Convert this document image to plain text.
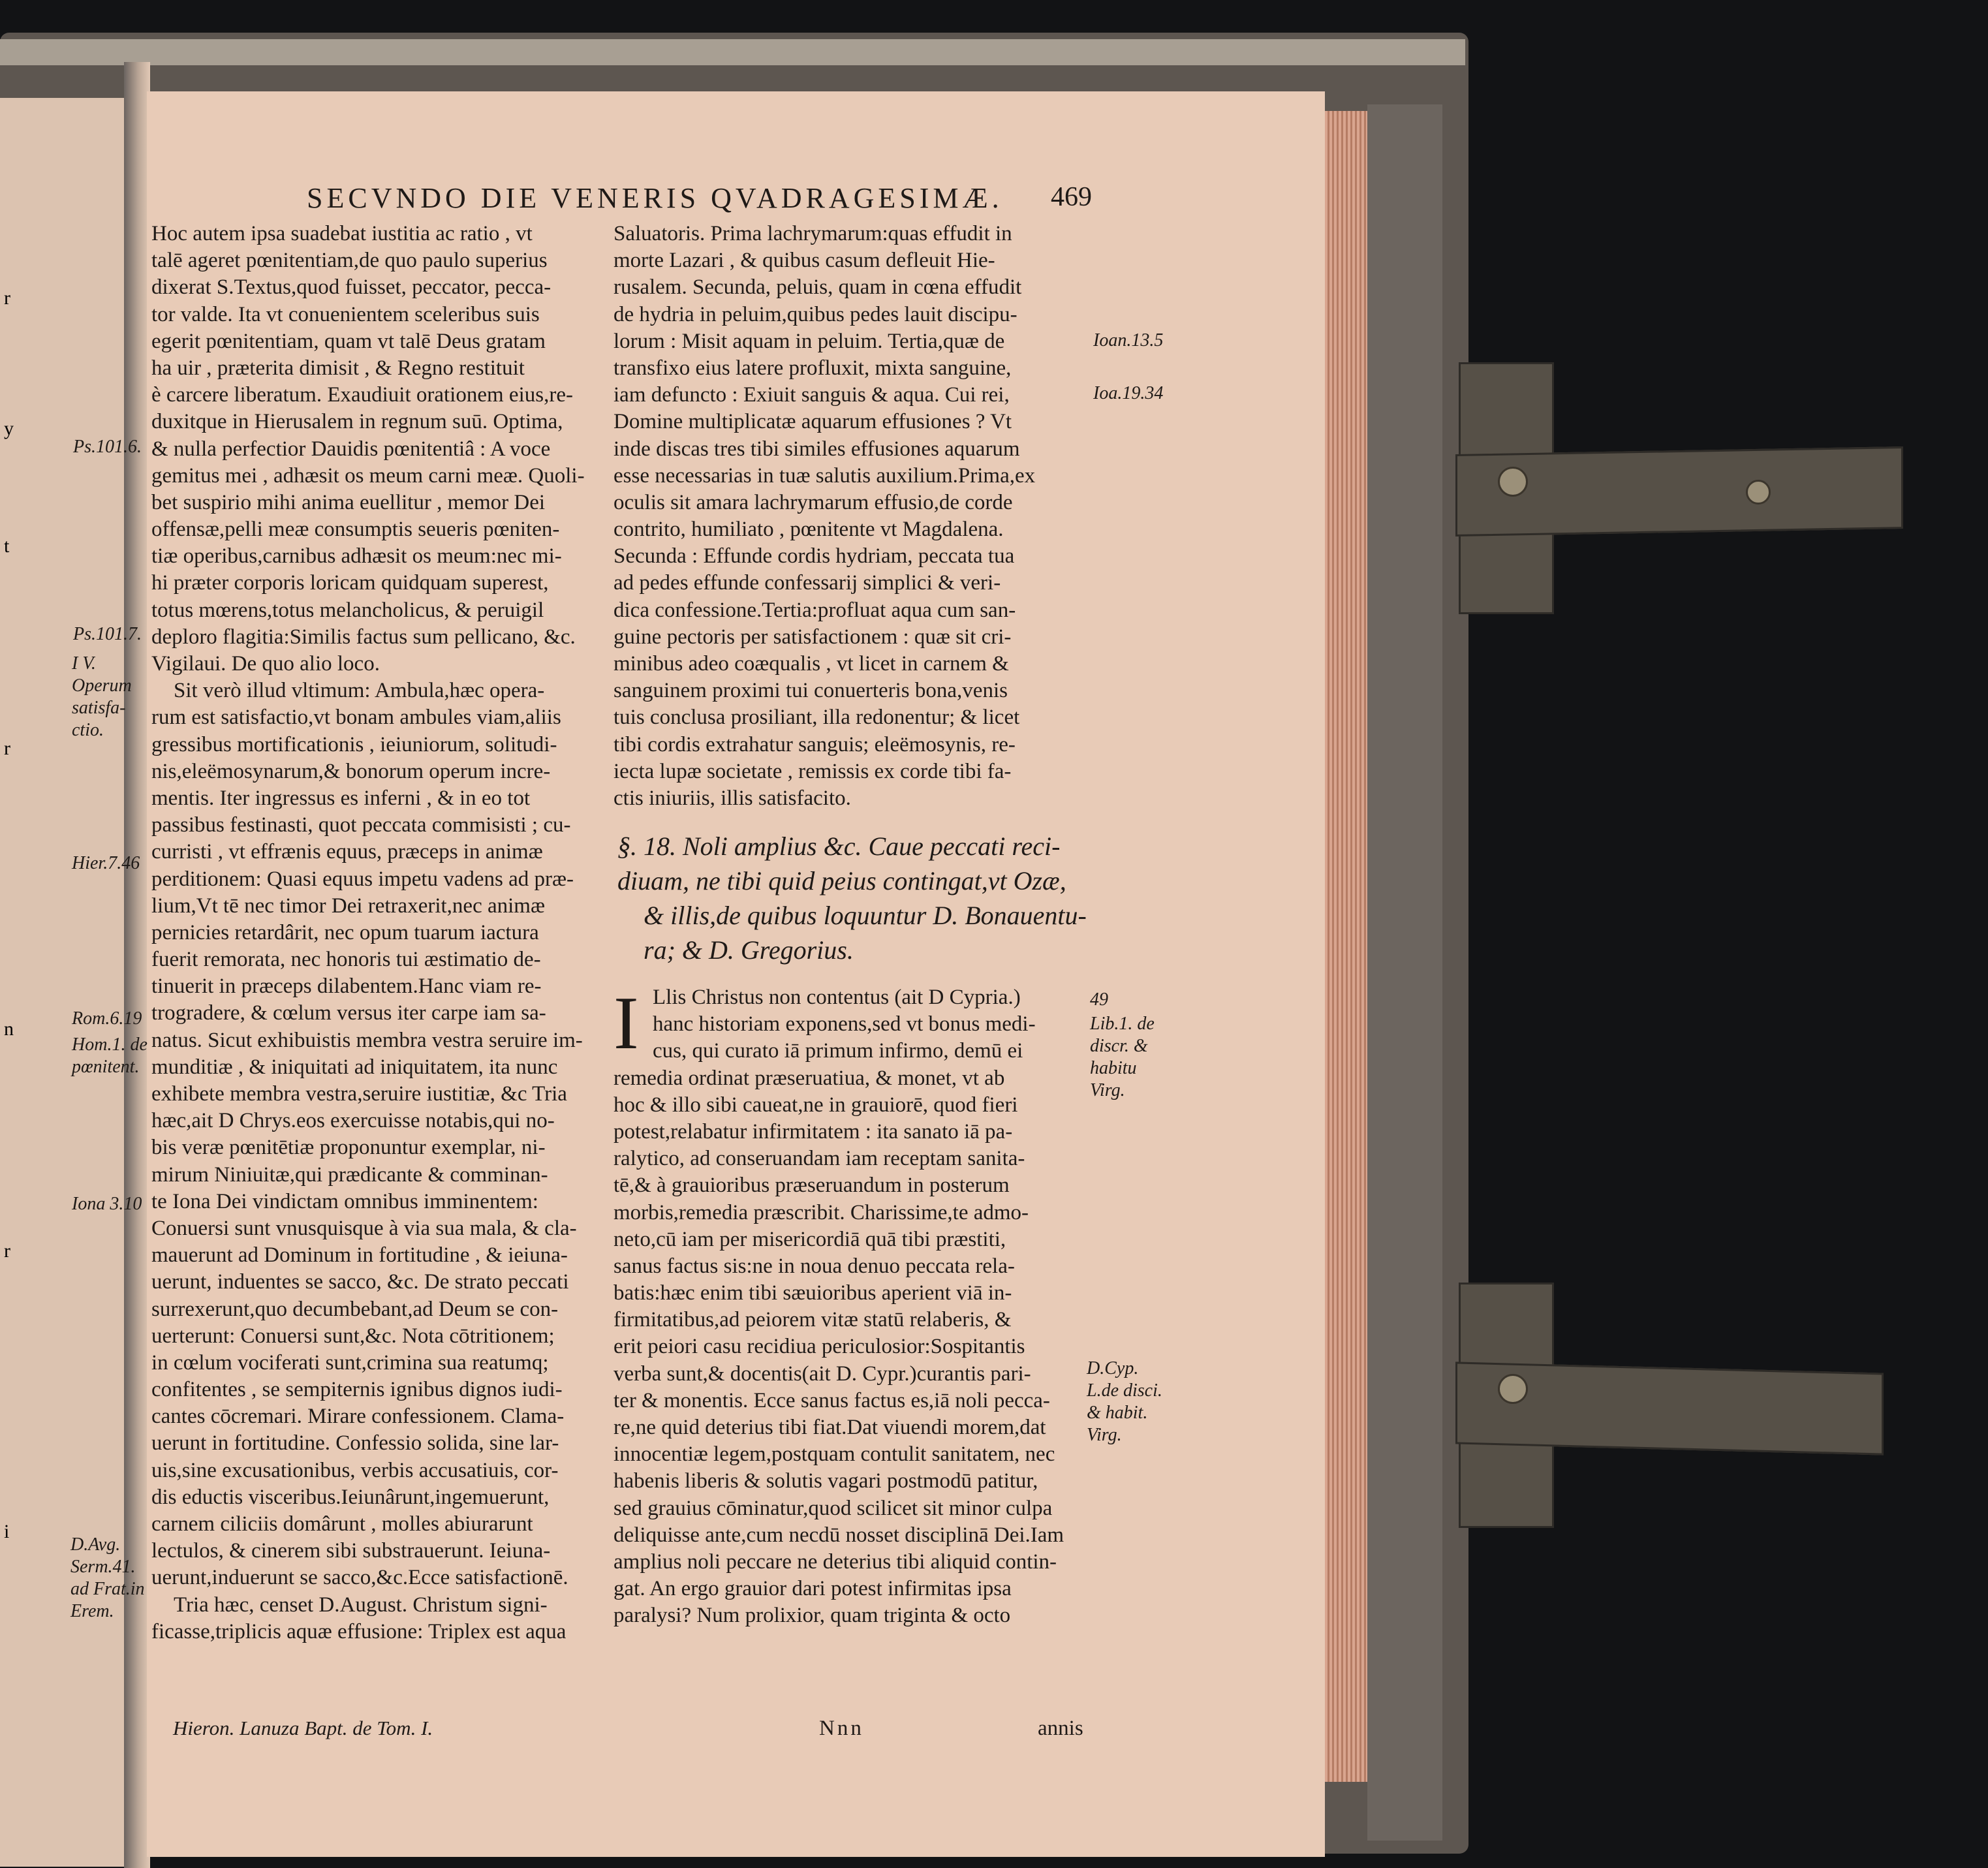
r
y
t
r
n
r
i
SECVNDO DIE VENERIS QVADRAGESIMÆ. 469
Hoc autem ipsa suadebat iustitia ac ratio , vt
talē ageret pœnitentiam,de quo paulo superius
dixerat S.Textus,quod fuisset, peccator, pecca-
tor valde. Ita vt conuenientem sceleribus suis
egerit pœnitentiam, quam vt talē Deus gratam
ha uir , præterita dimisit , & Regno restituit
è carcere liberatum. Exaudiuit orationem eius,re-
duxitque in Hierusalem in regnum suū. Optima,
& nulla perfectior Dauidis pœnitentiâ : A voce
gemitus mei , adhæsit os meum carni meæ. Quoli-
bet suspirio mihi anima euellitur , memor Dei
offensæ,pelli meæ consumptis seueris pœniten-
tiæ operibus,carnibus adhæsit os meum:nec mi-
hi præter corporis loricam quidquam superest,
totus mœrens,totus melancholicus, & peruigil
deploro flagitia:Similis factus sum pellicano, &c.
Vigilaui. De quo alio loco.
Sit verò illud vltimum: Ambula,hæc opera-
rum est satisfactio,vt bonam ambules viam,aliis
gressibus mortificationis , ieiuniorum, solitudi-
nis,eleëmosynarum,& bonorum operum incre-
mentis. Iter ingressus es inferni , & in eo tot
passibus festinasti, quot peccata commisisti ; cu-
curristi , vt effrænis equus, præceps in animæ
perditionem: Quasi equus impetu vadens ad præ-
lium,Vt tē nec timor Dei retraxerit,nec animæ
pernicies retardârit, nec opum tuarum iactura
fuerit remorata, nec honoris tui æstimatio de-
tinuerit in præceps dilabentem.Hanc viam re-
trogradere, & cœlum versus iter carpe iam sa-
natus. Sicut exhibuistis membra vestra seruire im-
munditiæ , & iniquitati ad iniquitatem, ita nunc
exhibete membra vestra,seruire iustitiæ, &c Tria
hæc,ait D Chrys.eos exercuisse notabis,qui no-
bis veræ pœnitētiæ proponuntur exemplar, ni-
mirum Niniuitæ,qui prædicante & comminan-
te Iona Dei vindictam omnibus imminentem:
Conuersi sunt vnusquisque à via sua mala, & cla-
mauerunt ad Dominum in fortitudine , & ieiuna-
uerunt, induentes se sacco, &c. De strato peccati
surrexerunt,quo decumbebant,ad Deum se con-
uerterunt: Conuersi sunt,&c. Nota cōtritionem;
in cœlum vociferati sunt,crimina sua reatumq;
confitentes , se sempiternis ignibus dignos iudi-
cantes cōcremari. Mirare confessionem. Clama-
uerunt in fortitudine. Confessio solida, sine lar-
uis,sine excusationibus, verbis accusatiuis, cor-
dis eductis visceribus.Ieiunârunt,ingemuerunt,
carnem ciliciis domârunt , molles abiurarunt
lectulos, & cinerem sibi substrauerunt. Ieiuna-
uerunt,induerunt se sacco,&c.Ecce satisfactionē.
Tria hæc, censet D.August. Christum signi-
ficasse,triplicis aquæ effusione: Triplex est aqua
Saluatoris. Prima lachrymarum:quas effudit in
morte Lazari , & quibus casum defleuit Hie-
rusalem. Secunda, peluis, quam in cœna effudit
de hydria in peluim,quibus pedes lauit discipu-
lorum : Misit aquam in peluim. Tertia,quæ de
transfixo eius latere profluxit, mixta sanguine,
iam defuncto : Exiuit sanguis & aqua. Cui rei,
Domine multiplicatæ aquarum effusiones ? Vt
inde discas tres tibi similes effusiones aquarum
esse necessarias in tuæ salutis auxilium.Prima,ex
oculis sit amara lachrymarum effusio,de corde
contrito, humiliato , pœnitente vt Magdalena.
Secunda : Effunde cordis hydriam, peccata tua
ad pedes effunde confessarij simplici & veri-
dica confessione.Tertia:profluat aqua cum san-
guine pectoris per satisfactionem : quæ sit cri-
minibus adeo coæqualis , vt licet in carnem &
sanguinem proximi tui conuerteris bona,venis
tuis conclusa prosiliant, illa redonentur; & licet
tibi cordis extrahatur sanguis; eleëmosynis, re-
iecta lupæ societate , remissis ex corde tibi fa-
ctis iniuriis, illis satisfacito.
§. 18. Noli amplius &c. Caue peccati reci-
diuam, ne tibi quid peius contingat,vt Ozæ,
& illis,de quibus loquuntur D. Bonauentu-
ra; & D. Gregorius.
I Llis Christus non contentus (ait D Cypria.)
hanc historiam exponens,sed vt bonus medi-
cus, qui curato iā primum infirmo, demū ei
remedia ordinat præseruatiua, & monet, vt ab
hoc & illo sibi caueat,ne in grauiorē, quod fieri
potest,relabatur infirmitatem : ita sanato iā pa-
ralytico, ad conseruandam iam receptam sanita-
tē,& à grauioribus præseruandum in posterum
morbis,remedia præscribit. Charissime,te admo-
neto,cū iam per misericordiā quā tibi præstiti,
sanus factus sis:ne in noua denuo peccata rela-
batis:hæc enim tibi sæuioribus aperient viā in-
firmitatibus,ad peiorem vitæ statū relaberis, &
erit peiori casu recidiua periculosior:Sospitantis
verba sunt,& docentis(ait D. Cypr.)curantis pari-
ter & monentis. Ecce sanus factus es,iā noli pecca-
re,ne quid deterius tibi fiat.Dat viuendi morem,dat
innocentiæ legem,postquam contulit sanitatem, nec
habenis liberis & solutis vagari postmodū patitur,
sed grauius cōminatur,quod scilicet sit minor culpa
deliquisse ante,cum necdū nosset disciplinā Dei.Iam
amplius noli peccare ne deterius tibi aliquid contin-
gat. An ergo grauior dari potest infirmitas ipsa
paralysi? Num prolixior, quam triginta & octo
Hieron. Lanuza Bapt. de Tom. I.	Nnn	annis
Ps.101.6.
Ps.101.7.
I V.
Operum
satisfa-
ctio.
Hier.7.46
Rom.6.19
Hom.1. de
pœnitent.
Iona 3.10
D.Avg.
Serm.41.
ad Frat.in
Erem.
Ioan.13.5
Ioa.19.34
49
Lib.1. de
discr. &
habitu
Virg.
D.Cyp.
L.de disci.
& habit.
Virg.
